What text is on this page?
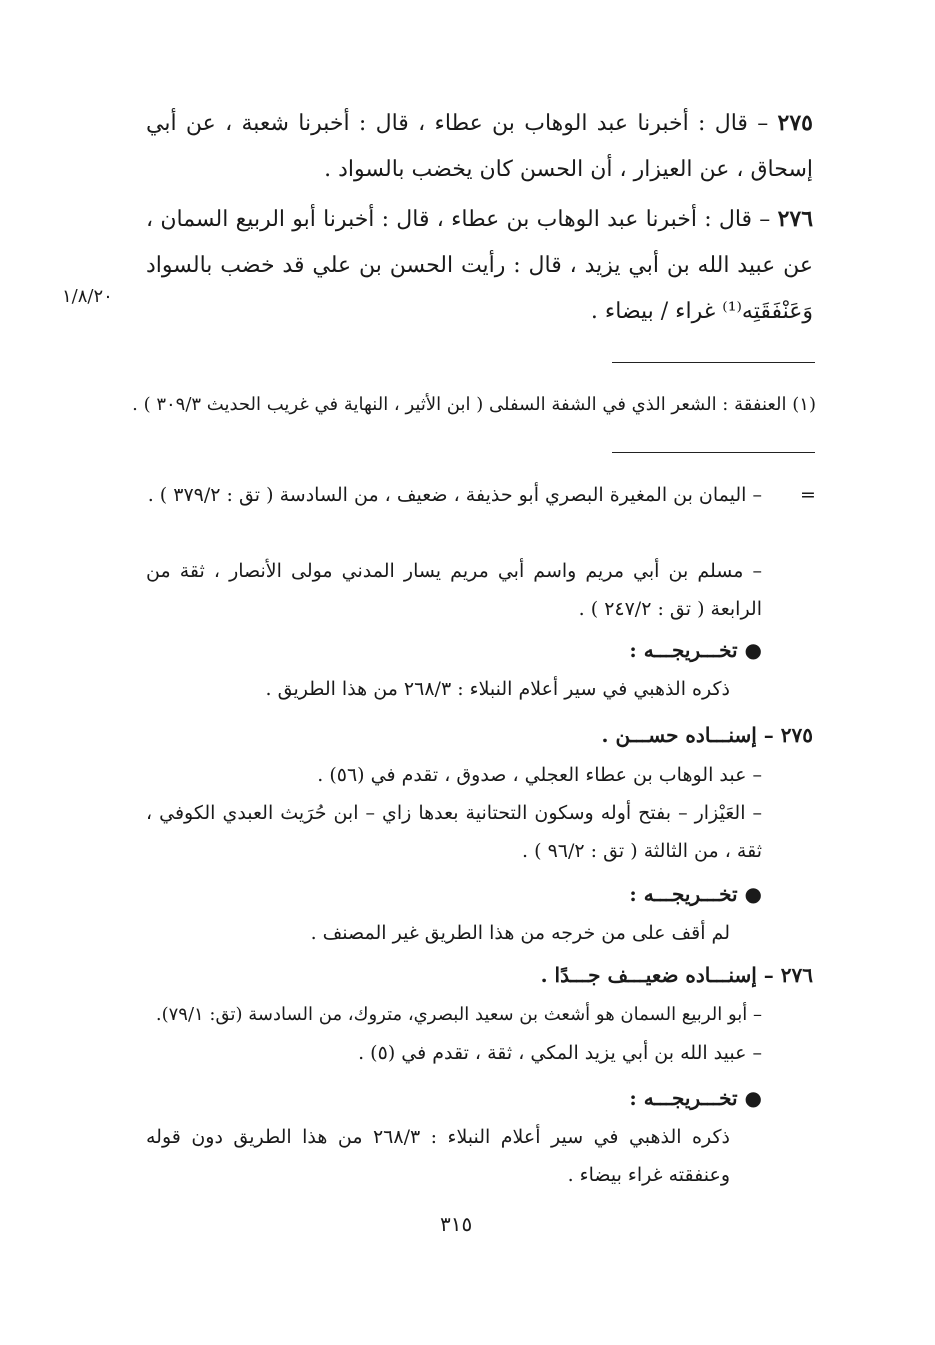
٢٧٥ – قال : أخبرنا عبد الوهاب بن عطاء ، قال : أخبرنا شعبة ، عن أبي إسحاق ، عن العيزار ، أن الحسن كان يخضب بالسواد .
٢٧٦ – قال : أخبرنا عبد الوهاب بن عطاء ، قال : أخبرنا أبو الربيع السمان ، عن عبيد الله بن أبي يزيد ، قال : رأيت الحسن بن علي قد خضب بالسواد وَعَنْفَقَتِه⁽¹⁾ غراء / بيضاء .
١/٨/٢٠
(١) العنفقة : الشعر الذي في الشفة السفلى ( ابن الأثير ، النهاية في غريب الحديث ٣٠٩/٣ ) .
=
– اليمان بن المغيرة البصري أبو حذيفة ، ضعيف ، من السادسة ( تق : ٣٧٩/٢ ) .
– مسلم بن أبي مريم واسم أبي مريم يسار المدني مولى الأنصار ، ثقة من الرابعة ( تق : ٢٤٧/٢ ) .
● تخـــريجـــه :
ذكره الذهبي في سير أعلام النبلاء : ٢٦٨/٣ من هذا الطريق .
٢٧٥ – إسنـــاده حســـن .
– عبد الوهاب بن عطاء العجلي ، صدوق ، تقدم في (٥٦) .
– العَيْزار – بفتح أوله وسكون التحتانية بعدها زاي – ابن حُرَيث العبدي الكوفي ، ثقة ، من الثالثة ( تق : ٩٦/٢ ) .
● تخـــريجـــه :
لم أقف على من خرجه من هذا الطريق غير المصنف .
٢٧٦ – إسنـــاده ضعيـــف جـــدًا .
– أبو الربيع السمان هو أشعث بن سعيد البصري، متروك، من السادسة (تق: ٧٩/١).
– عبيد الله بن أبي يزيد المكي ، ثقة ، تقدم في (٥) .
● تخـــريجـــه :
ذكره الذهبي في سير أعلام النبلاء : ٢٦٨/٣ من هذا الطريق دون قوله وعنفقته غراء بيضاء .
٣١٥
